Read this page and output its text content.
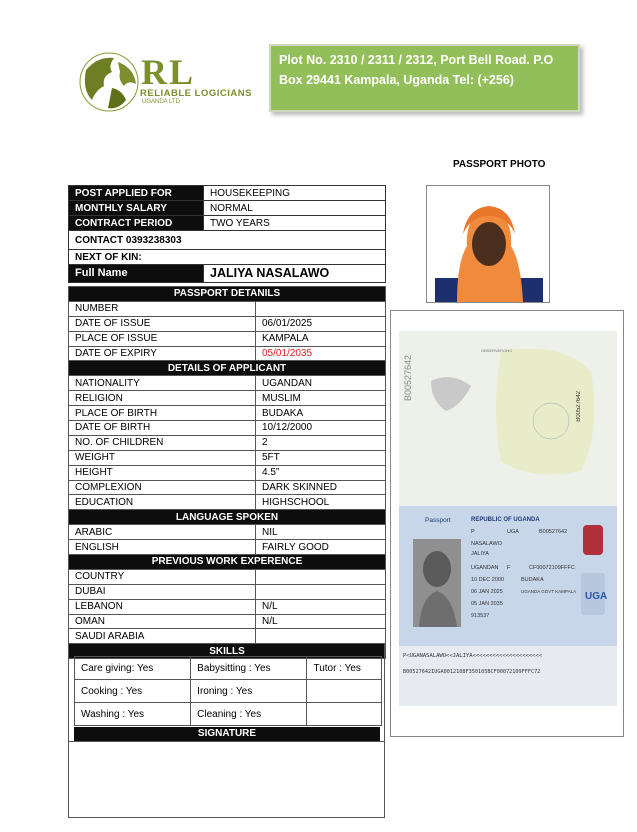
RL
RELIABLE LOGICIANS
UGANDA LTD
Plot No. 2310 / 2311 / 2312, Port Bell Road. P.O
Box 29441 Kampala, Uganda Tel: (+256)
PASSPORT PHOTO
POST APPLIED FOR	HOUSEKEEPING
MONTHLY SALARY	NORMAL
CONTRACT PERIOD	TWO YEARS
CONTACT 0393238303	
NEXT OF KIN:	
Full Name	JALIYA NASALAWO
PASSPORT DETANILS	
NUMBER	
DATE OF ISSUE	06/01/2025
PLACE OF ISSUE	KAMPALA
DATE OF EXPIRY	05/01/2035
DETAILS OF APPLICANT	
NATIONALITY	UGANDAN
RELIGION	MUSLIM
PLACE OF BIRTH	BUDAKA
DATE OF BIRTH	10/12/2000
NO. OF CHILDREN	2
WEIGHT	5FT
HEIGHT	4.5”
COMPLEXION	DARK SKINNED
EDUCATION	HIGHSCHOOL
LANGUAGE SPOKEN	
ARABIC	NIL
ENGLISH	FAIRLY GOOD
PREVIOUS WORK EXPERENCE	
COUNTRY	
DUBAI	
LEBANON	N/L
OMAN	N/L
SAUDI ARABIA	
SKILLS	
Care giving: Yes	Babysitting : Yes	Tutor : Yes
Cooking : Yes	Ironing : Yes	
Washing : Yes	Cleaning : Yes	
SIGNATURE
B00527642
B00527642
OBSERVATIONS
Passport	REPUBLIC OF UGANDA
P	UGA	B00527642
NASALAWO
JALIYA
UGANDAN F	CF00072109FFFC
10 DEC 2000	BUDAKA
06 JAN 2025	UGANDA GOVT KAMPALA
05 JAN 2035
913537
UGA
P<UGANASALAWO<<JALIYA<<<<<<<<<<<<<<<<<<<<<
B00527642IUGA0012108F350105BCF00072109FFFC72
